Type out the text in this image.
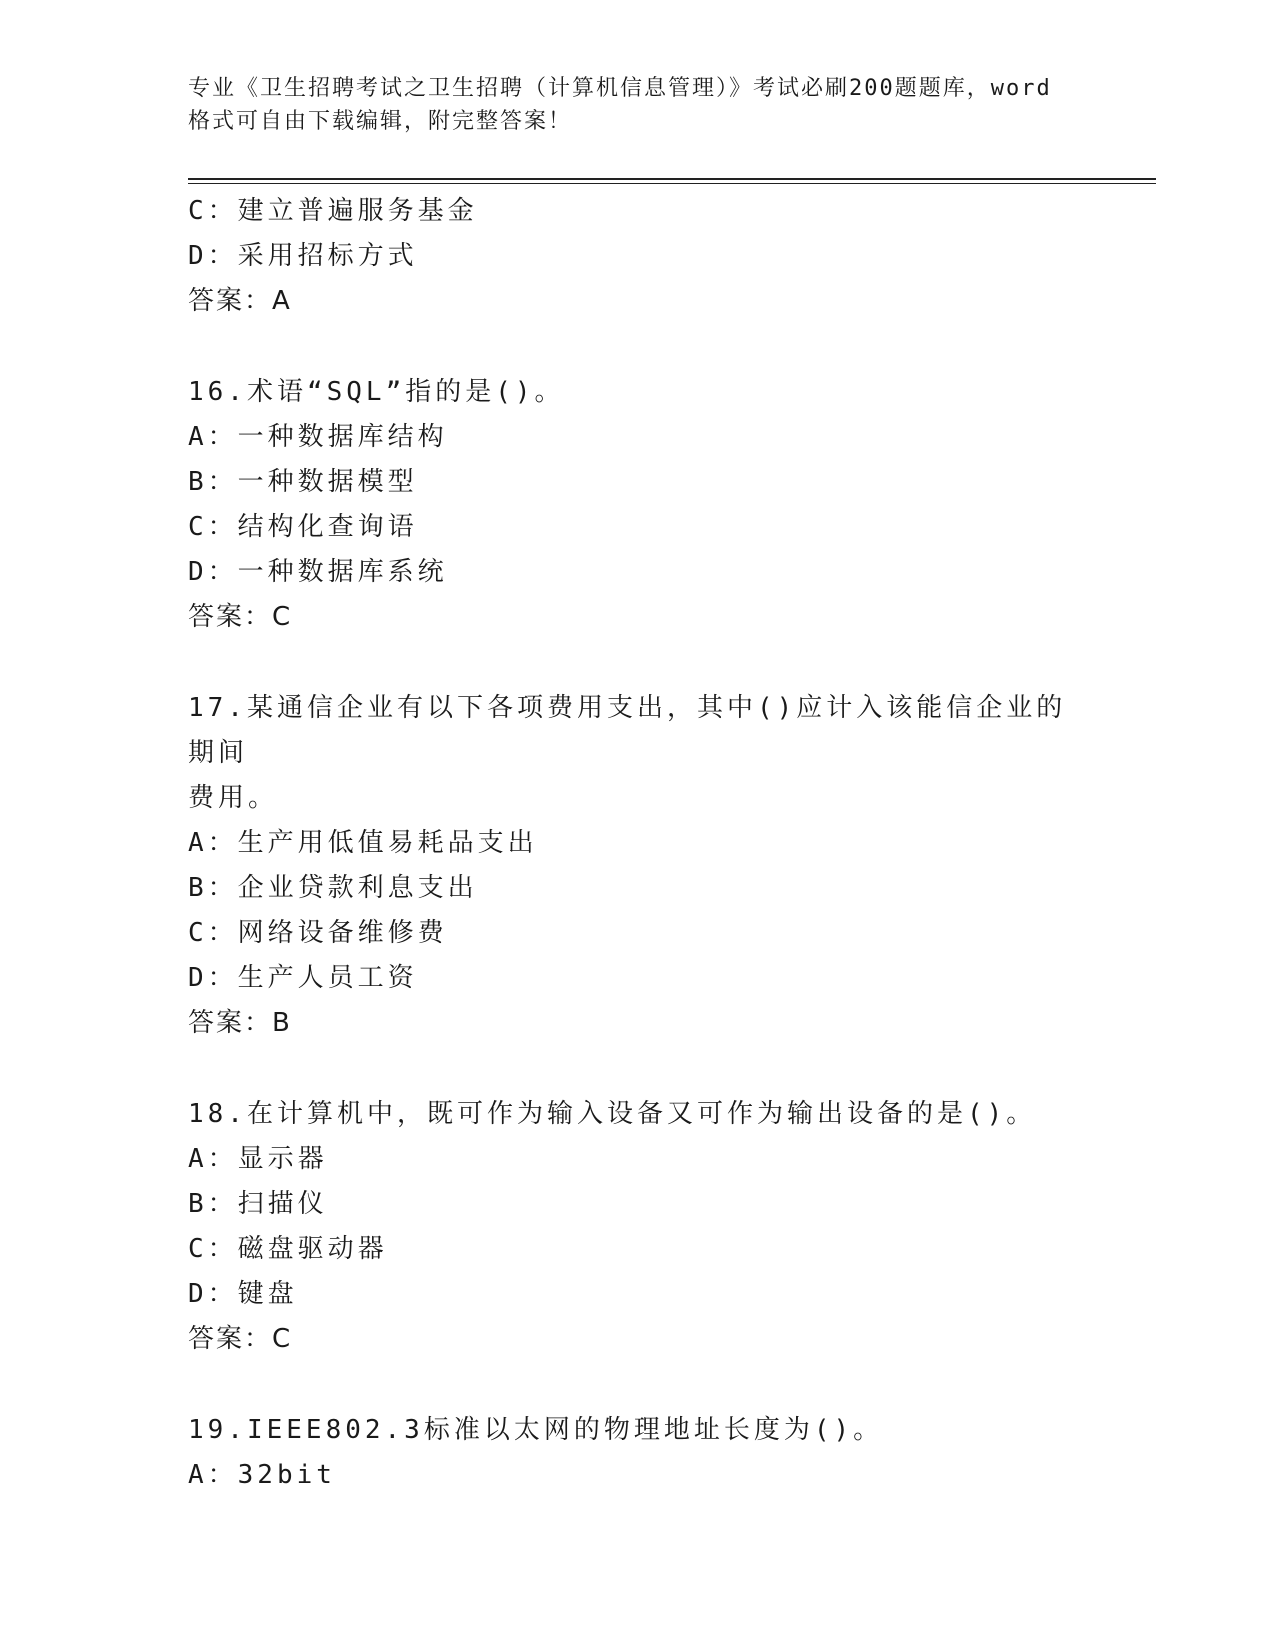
专业《卫生招聘考试之卫生招聘（计算机信息管理）》考试必刷200题题库，word
格式可自由下载编辑，附完整答案！
C：建立普遍服务基金
D：采用招标方式
答案：A
16.术语“SQL”指的是()。
A：一种数据库结构
B：一种数据模型
C：结构化查询语
D：一种数据库系统
答案：C
17.某通信企业有以下各项费用支出，其中()应计入该能信企业的期间
费用。
A：生产用低值易耗品支出
B：企业贷款利息支出
C：网络设备维修费
D：生产人员工资
答案：B
18.在计算机中，既可作为输入设备又可作为输出设备的是()。
A：显示器
B：扫描仪
C：磁盘驱动器
D：键盘
答案：C
19.IEEE802.3标准以太网的物理地址长度为()。
A：32bit
